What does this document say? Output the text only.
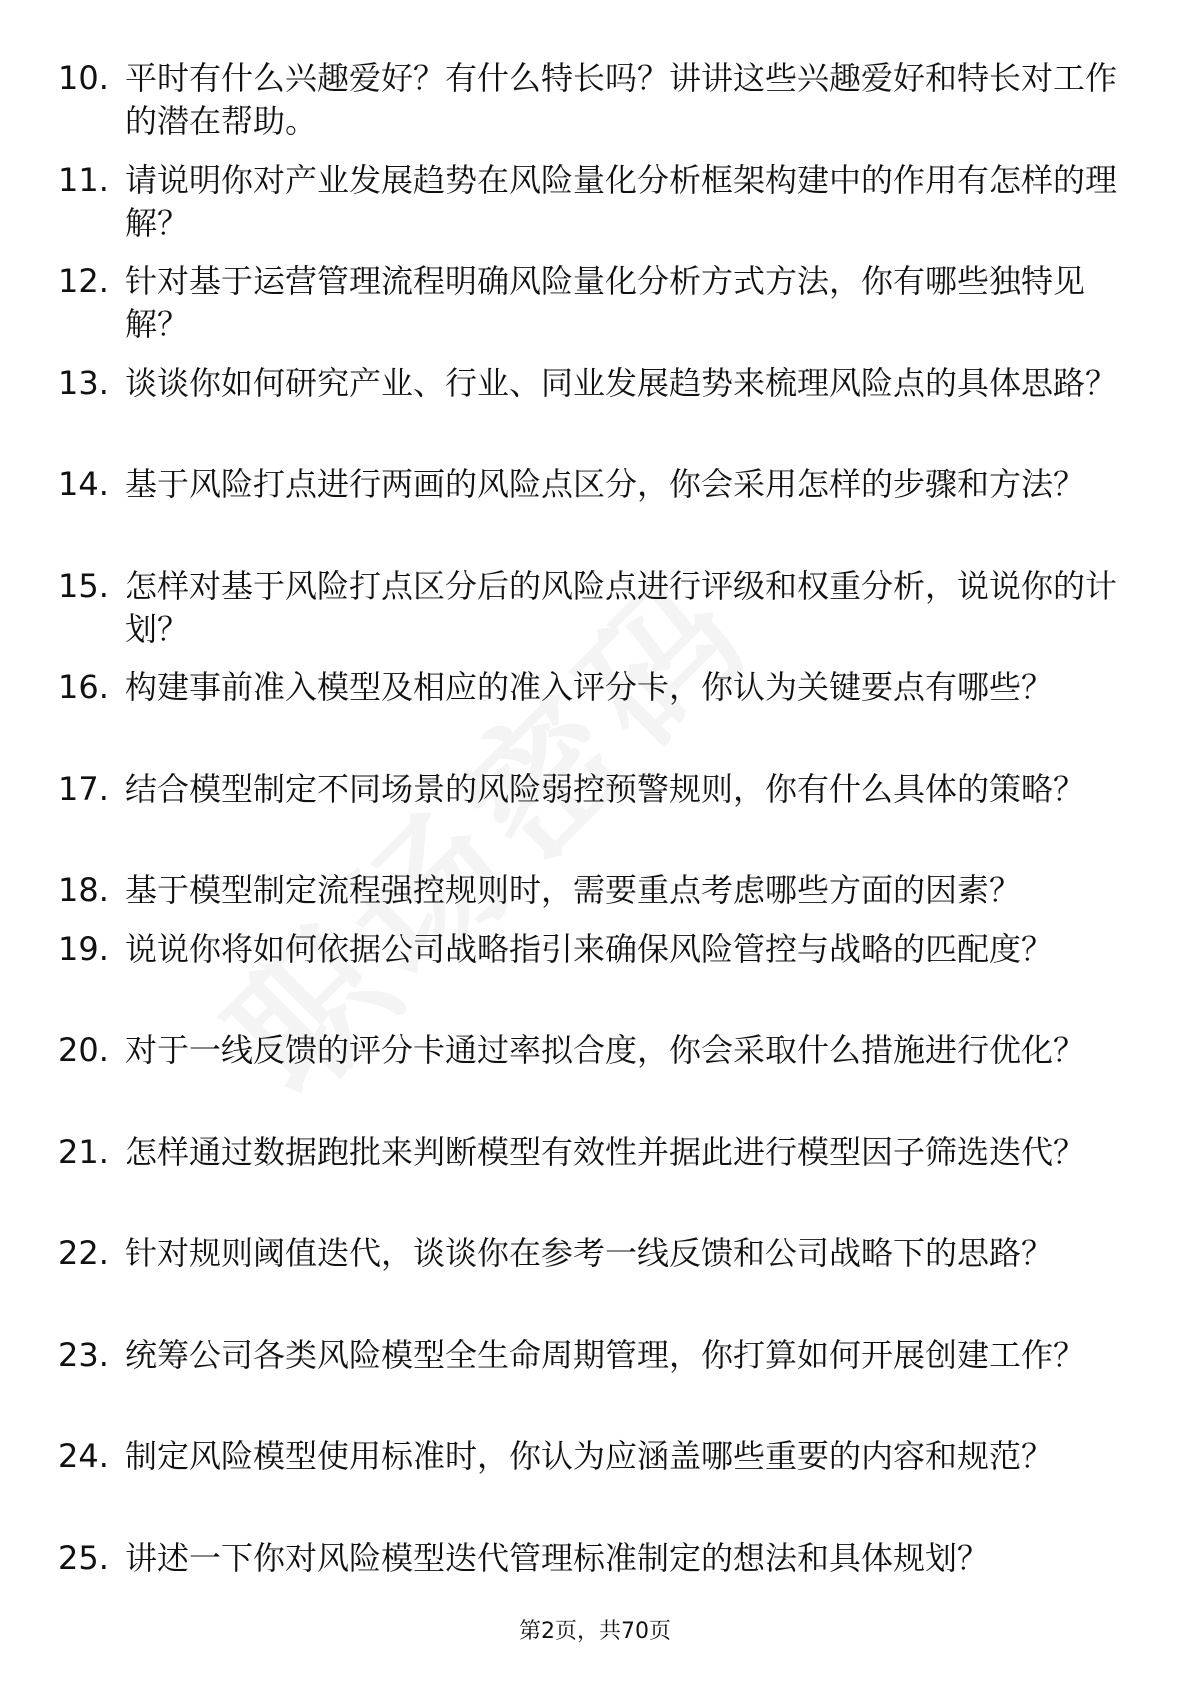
10. 平时有什么兴趣爱好？有什么特长吗？讲讲这些兴趣爱好和特长对工作的潜在帮助。
11. 请说明你对产业发展趋势在风险量化分析框架构建中的作用有怎样的理解？
12. 针对基于运营管理流程明确风险量化分析方式方法，你有哪些独特见解？
13. 谈谈你如何研究产业、行业、同业发展趋势来梳理风险点的具体思路？
14. 基于风险打点进行两画的风险点区分，你会采用怎样的步骤和方法？
15. 怎样对基于风险打点区分后的风险点进行评级和权重分析，说说你的计划？
16. 构建事前准入模型及相应的准入评分卡，你认为关键要点有哪些？
17. 结合模型制定不同场景的风险弱控预警规则，你有什么具体的策略？
18. 基于模型制定流程强控规则时，需要重点考虑哪些方面的因素？
19. 说说你将如何依据公司战略指引来确保风险管控与战略的匹配度？
20. 对于一线反馈的评分卡通过率拟合度，你会采取什么措施进行优化？
21. 怎样通过数据跑批来判断模型有效性并据此进行模型因子筛选迭代？
22. 针对规则阈值迭代，谈谈你在参考一线反馈和公司战略下的思路？
23. 统筹公司各类风险模型全生命周期管理，你打算如何开展创建工作？
24. 制定风险模型使用标准时，你认为应涵盖哪些重要的内容和规范？
25. 讲述一下你对风险模型迭代管理标准制定的想法和具体规划？
第2页，共70页
